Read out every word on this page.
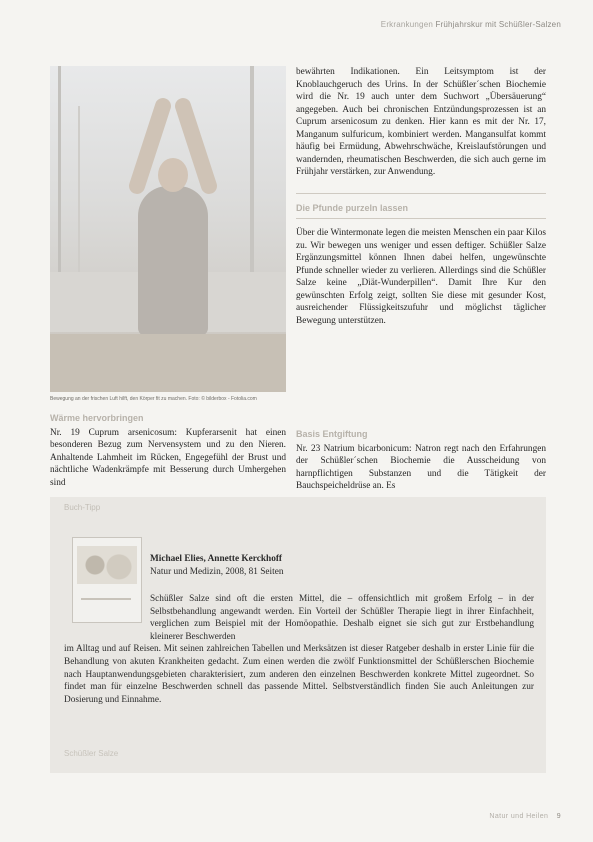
Erkrankungen Frühjahrskur mit Schüßler-Salzen
Bewegung an der frischen Luft hilft, den Körper fit zu machen. Foto: © bilderbox - Fotolia.com

bewährten Indikationen. Ein Leitsymptom ist der Knoblauchgeruch des Urins. In der Schüßler´schen Biochemie wird die Nr. 19 auch unter dem Suchwort „Übersäuerung“ angegeben. Auch bei chronischen Entzündungsprozessen ist an Cuprum arsenicosum zu denken. Hier kann es mit der Nr. 17, Manganum sulfuricum, kombiniert werden. Mangansulfat kommt häufig bei Ermüdung, Abwehrschwäche, Kreislaufstörungen und wandernden, rheumatischen Beschwerden, die sich auch gerne im Frühjahr verstärken, zur Anwendung.

Die Pfunde purzeln lassen

Über die Wintermonate legen die meisten Menschen ein paar Kilos zu. Wir bewegen uns weniger und essen deftiger. Schüßler Salze Ergänzungsmittel können Ihnen dabei helfen, ungewünschte Pfunde schneller wieder zu verlieren. Allerdings sind die Schüßler Salze keine „Diät-Wunderpillen“. Damit Ihre Kur den gewünschten Erfolg zeigt, sollten Sie diese mit gesunder Kost, ausreichender Flüssigkeitszufuhr und möglichst täglicher Bewegung unterstützen.

Wärme hervorbringen

Nr. 19 Cuprum arsenicosum: Kupferarsenit hat einen besonderen Bezug zum Nervensystem und zu den Nieren. Anhaltende Lahmheit im Rücken, Engegefühl der Brust und nächtliche Wadenkrämpfe mit Besserung durch Umhergehen sind

Basis Entgiftung

Nr. 23 Natrium bicarbonicum: Natron regt nach den Erfahrungen der Schüßler´schen Biochemie die Ausscheidung von harnpflichtigen Substanzen und die Tätigkeit der Bauchspeicheldrüse an. Es

Buch-Tipp
Michael Elies, Annette Kerckhoff
Natur und Medizin, 2008, 81 Seiten
Schüßler Salze sind oft die ersten Mittel, die – offensichtlich mit großem Erfolg – in der Selbstbehandlung angewandt werden. Ein Vorteil der Schüßler Therapie liegt in ihrer Einfachheit, verglichen zum Beispiel mit der Homöopathie. Deshalb eignet sie sich gut zur Erstbehandlung kleinerer Beschwerden
im Alltag und auf Reisen. Mit seinen zahlreichen Tabellen und Merksätzen ist dieser Ratgeber deshalb in erster Linie für die Behandlung von akuten Krankheiten gedacht. Zum einen werden die zwölf Funktionsmittel der Schüßlerschen Biochemie nach Hauptanwendungsgebieten charakterisiert, zum anderen den einzelnen Beschwerden konkrete Mittel zugeordnet. So findet man für einzelne Beschwerden schnell das passende Mittel. Selbstverständlich finden Sie auch Anleitungen zur Dosierung und Einnahme.
Schüßler Salze
Natur und Heilen 9
